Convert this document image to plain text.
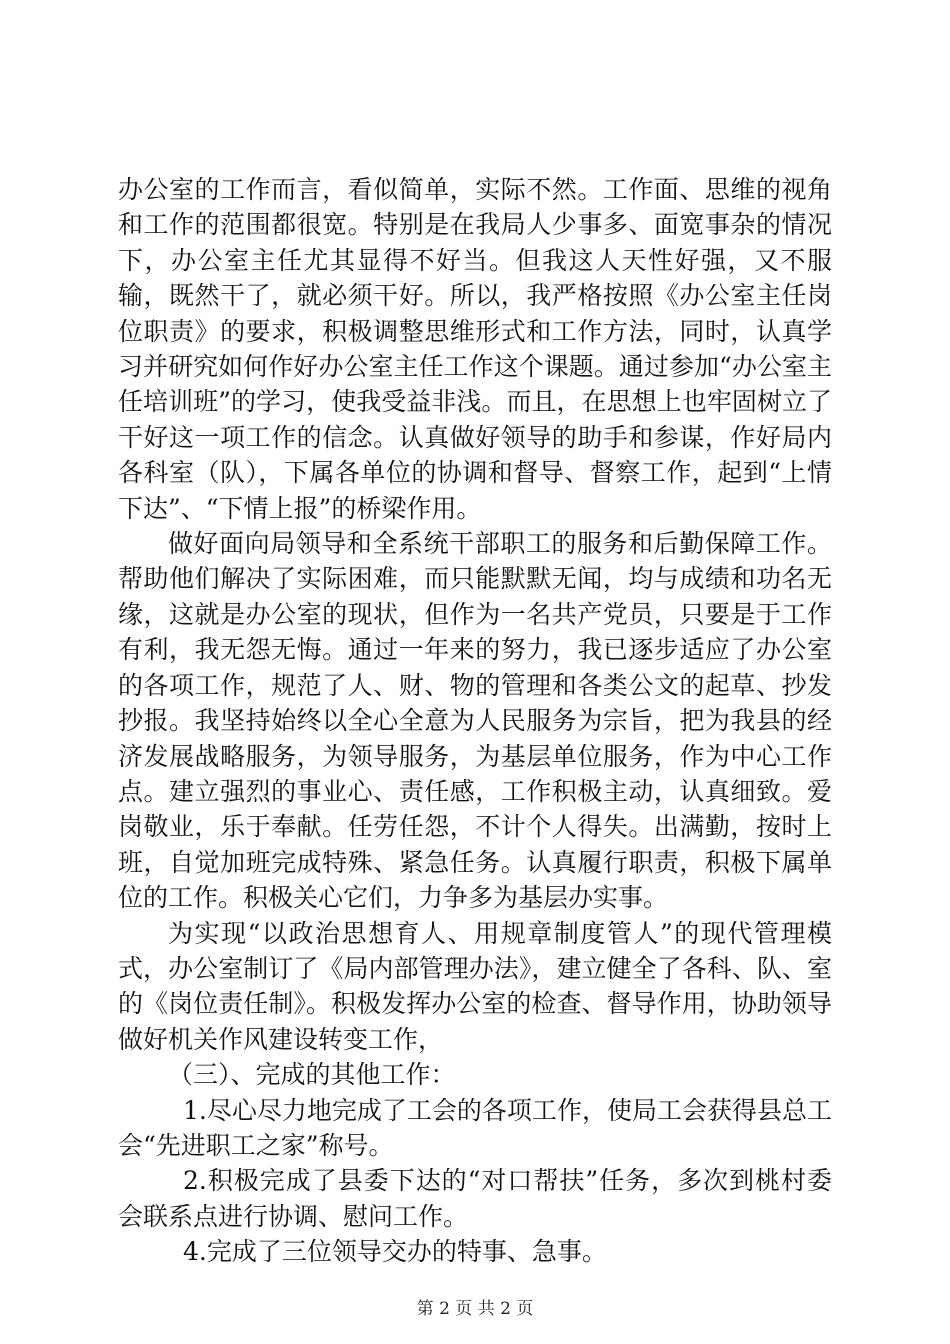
办公室的工作而言，看似简单，实际不然。工作面、思维的视角和工作的范围都很宽。特别是在我局人少事多、面宽事杂的情况下，办公室主任尤其显得不好当。但我这人天性好强，又不服输，既然干了，就必须干好。所以，我严格按照《办公室主任岗位职责》的要求，积极调整思维形式和工作方法，同时，认真学习并研究如何作好办公室主任工作这个课题。通过参加“办公室主任培训班”的学习，使我受益非浅。而且，在思想上也牢固树立了干好这一项工作的信念。认真做好领导的助手和参谋，作好局内各科室（队），下属各单位的协调和督导、督察工作，起到“上情下达”、“下情上报”的桥梁作用。

做好面向局领导和全系统干部职工的服务和后勤保障工作。帮助他们解决了实际困难，而只能默默无闻，均与成绩和功名无缘，这就是办公室的现状，但作为一名共产党员，只要是于工作有利，我无怨无悔。通过一年来的努力，我已逐步适应了办公室的各项工作，规范了人、财、物的管理和各类公文的起草、抄发抄报。我坚持始终以全心全意为人民服务为宗旨，把为我县的经济发展战略服务，为领导服务，为基层单位服务，作为中心工作点。建立强烈的事业心、责任感，工作积极主动，认真细致。爱岗敬业，乐于奉献。任劳任怨，不计个人得失。出满勤，按时上班，自觉加班完成特殊、紧急任务。认真履行职责，积极下属单位的工作。积极关心它们，力争多为基层办实事。

为实现“以政治思想育人、用规章制度管人”的现代管理模式，办公室制订了《局内部管理办法》，建立健全了各科、队、室的《岗位责任制》。积极发挥办公室的检查、督导作用，协助领导做好机关作风建设转变工作，

（三）、完成的其他工作：

1.尽心尽力地完成了工会的各项工作，使局工会获得县总工会“先进职工之家”称号。

2.积极完成了县委下达的“对口帮扶”任务，多次到桃村委会联系点进行协调、慰问工作。

4.完成了三位领导交办的特事、急事。

第 2 页 共 2 页
